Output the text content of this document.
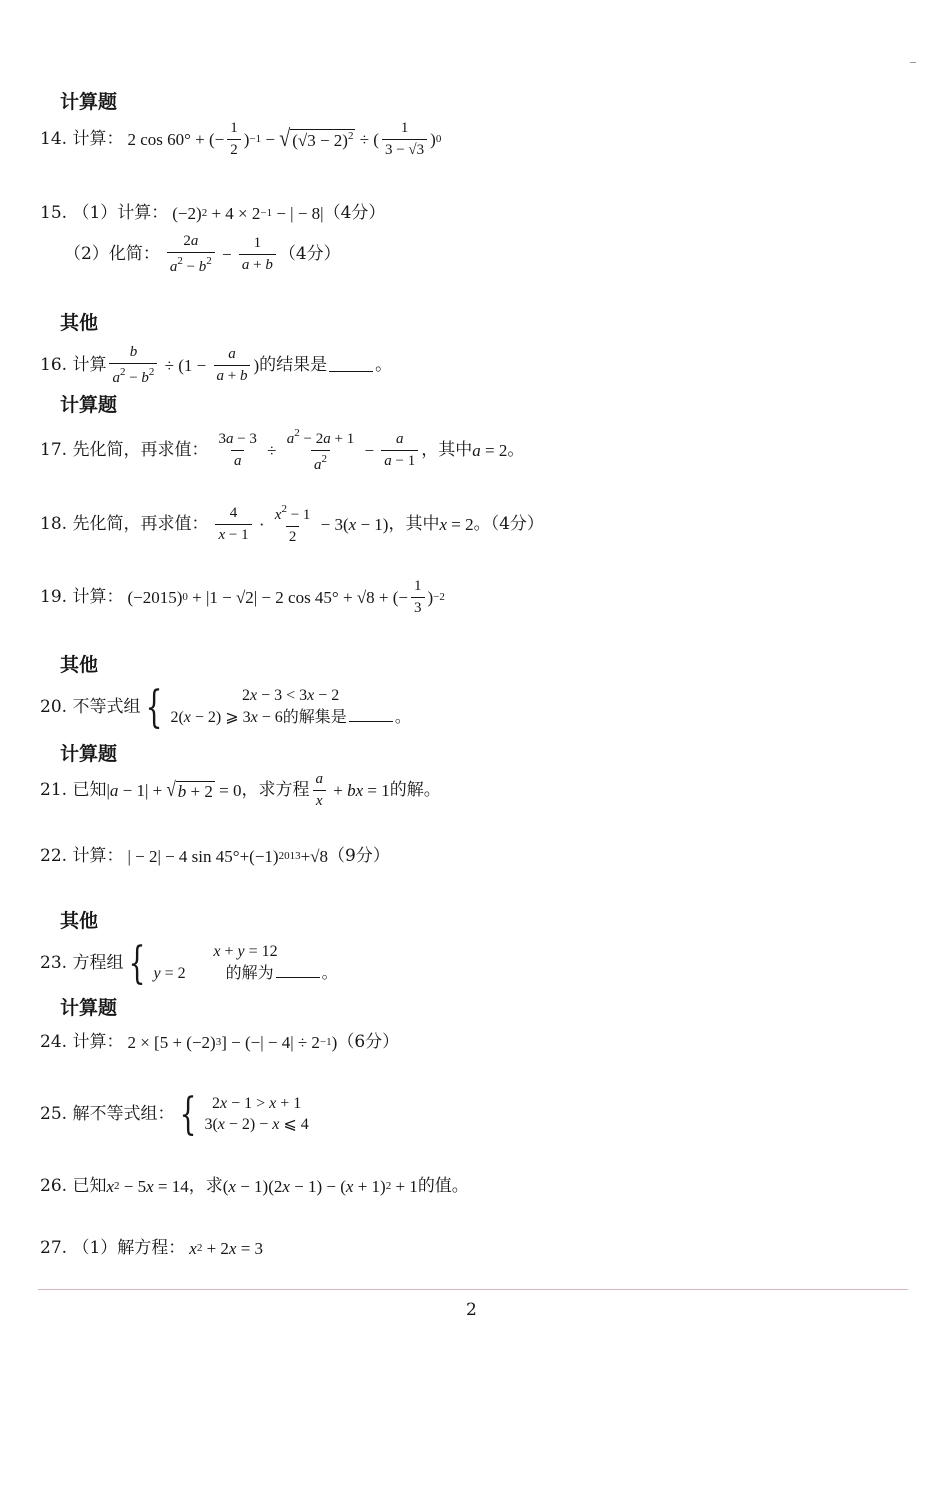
计算题
14. 计算： 2 cos 60° + (− $\frac{1}{2}$ ) −1 − √ $(√3 - 2)^2$ ÷ ( $\frac{1}{3 - √3}$ ) 0
15. （1）计算： (−2) 2 + 4 × 2 −1 − | − 8| （4分）
（2）化简： $\frac{2a}{a^2 - b^2} - \frac{1}{a + b} (4$分）
其他
16. 计算 $\frac{b}{a^2 - b^2} \div (1 - \frac{a}{a + b}$ ) 的结果是	。
计算题
17. 先化简，再求值： $\frac{3a - 3}{a} \div \frac{a^2 - 2a + 1}{a^2} - \frac{a}{a - 1}$ ，其中 a = 2 。
18. 先化简，再求值： $\frac{4}{x - 1} \cdot \frac{x^2 - 1}{2} - 3$( x − 1) ，其中 x = 2 。（4分）
19. 计算： (−2015) 0 + |1 − √2| − 2 cos 45° + √8 + (− $\frac{1}{3}$ ) −2
其他
20. 不等式组 {	2x − 3 < 3x − 2
2(x − 2) ⩾ 3x − 6的解集是	。
计算题
21. 已知 | a − 1| + √ b + 2 = 0 ，求方程 $\frac{a}{x}$ + bx = 1 的解。
22. 计算： | − 2| − 4 sin 45°+(−1) 2013 +√8 （9分）
其他
23. 方程组 {	x + y = 12
y = 2	的解为	。
计算题
24. 计算： 2 × [5 + (−2) 3 ] − (−| − 4| ÷ 2 −1 ) （6分）
25. 解不等式组： { 2x − 1 > x + 1
3(x − 2) − x ⩽ 4
26. 已知 x 2 − 5 x = 14 ，求 ( x − 1)(2 x − 1) − ( x + 1) 2 + 1 的值。
27. （1）解方程： x 2 + 2 x = 3
2
